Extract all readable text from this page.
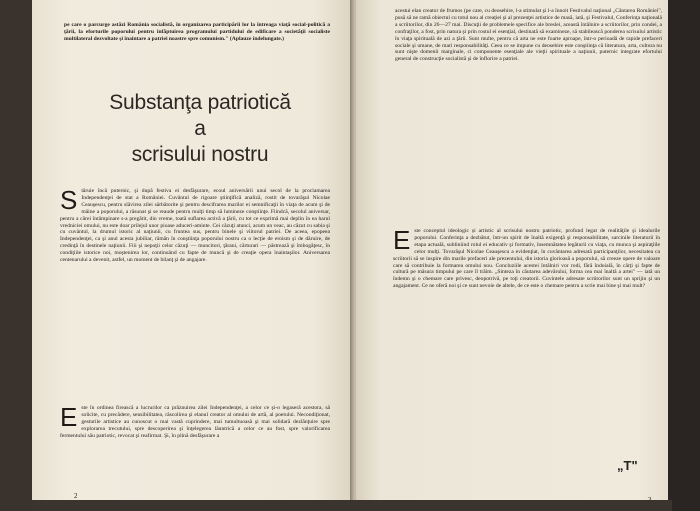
pe care o parcurge astăzi România socialistă, în organizarea participării lor la întreaga viaţă social-politică a ţării, la eforturile poporului pentru înfăptuirea programului partidului de edificare a societăţii socialiste multilateral dezvoltate şi înaintare a patriei noastre spre comunism." (Aplauze îndelungate.)

Substanţa patriotică
a
scrisului nostru
S tăruie încă puternic, şi după festiva ei desfăşurare, ecoul aniversării unui secol de la proclamarea Independenţei de stat a României. Cuvântul de rigoare ştiinţifică analiză, rostit de tovarăşul Nicolae Ceauşescu, pentru slăvirea zilei sărbătorite şi pentru descifrarea marilor ei semnificaţii în viaţa de acum şi de mâine a poporului, a răsunat şi se reaude pentru mulţi timp să lumineze conştiinţe. Fiindcă, secolul aniversar, pentru a cărei întâmpinare s-a pregătit, din vreme, toată suflarea activă a ţării, cu tot ce exprimă mai deplin în ea harul vredniciei omului, nu este doar prilejul unor pioase aduceri-aminte. Cei căzuţi atunci, acum un veac, au căzut cu sabia şi cu cuvântul, la drumul istoric al naţiunii, cu fruntea sus, pentru binele şi viitorul patriei. De aceea, epopeea Independenţei, ca şi anul acesta jubiliar, rămân în conştiinţa poporului nostru ca o lecţie de eroism şi de dăruire, de credinţă în destinele naţiunii. Fiii şi nepoţii celor căzuţi — muncitori, ţărani, cărturari — păstrează şi îmbogăţesc, în condiţiile istorice noi, moştenirea lor, continuând cu fapte de muncă şi de creaţie opera înaintaşilor. Aniversarea centenarului a devenit, astfel, un moment de bilanţ şi de angajare.
E ste în ordinea firească a lucrurilor ca prăznuirea zilei Independenţei, a celor ce şi-o legaseră acestora, să solicite, cu precădere, sensibilitatea, răscolirea şi elanul creator al omului de artă, al poetului. Necondiţionat, gesturile artistice au cunoscut o mai vastă cuprindere, mai tumultuoasă şi mai solidară dezlănţuire spre explorarea trecutului, spre descoperirea şi înţelegerea lăuntrică a celor ce au fost, spre valorificarea fermentului său patriotic, revocat şi reafirmat. Şi, în plină desfăşurare a
2
acestui elan creator de frumos (pe care, cu deosebire, l-a stimulat şi l-a înnoit Festivalul naţional „Cântarea României", pusă să ne ramă obiectul cu totul nou al creaţiei şi al prezenţei artistice de masă, iată, şi Festivalul, Conferinţa naţională a scriitorilor, din 26—27 mai. Discuţii de problemele specifice ale breslei, această întâlnire a scriitorilor, prin condei, a confraţilor, a fost, prin natura şi prin rostul ei esenţial, destinată să examineze, să stabilească ponderea scrisului artistic în viaţa spirituală de azi a ţării. Sunt multe, pentru că arta ne este foarte aproape, într-o perioadă de rapide prefaceri sociale şi umane, de mari responsabilităţi. Ceea ce se impune cu deosebire este conştiinţa că literatura, arta, cultura nu sunt nişte domenii marginale, ci componente esenţiale ale vieţii spirituale a naţiunii, puternic integrate efortului general de construcţie socialistă şi de înflorire a patriei.
E ste conceptul ideologic și artistic al scrisului nostru patriotic, profund legat de realităţile şi idealurile poporului. Conferinţa a dezbătut, într-un spirit de înaltă exigenţă şi responsabilitate, sarcinile literaturii în etapa actuală, subliniind rolul ei educativ şi formativ, însemnătatea legăturii cu viaţa, cu munca şi aspiraţiile celor mulţi. Tovarăşul Nicolae Ceauşescu a evidenţiat, în cuvântarea adresată participanţilor, necesitatea ca scriitorii să se inspire din marile prefaceri ale prezentului, din istoria glorioasă a poporului, să creeze opere de valoare care să contribuie la formarea omului nou. Concluziile acestei întâlniri vor rodi, fără îndoială, în cărţi şi fapte de cultură pe măsura timpului pe care îl trăim. „Sinteza în căutarea adevărului, forma cea mai înaltă a artei" — iată un îndemn şi o chemare care privesc, deopotrivă, pe toţi creatorii. Cuvintele adresate scriitorilor sunt un sprijin şi un angajament. Ce ne oferă noi şi ce sunt nevoie de altele, de ce este o chemare pentru a scrie mai bine şi mai mult?
„T"
